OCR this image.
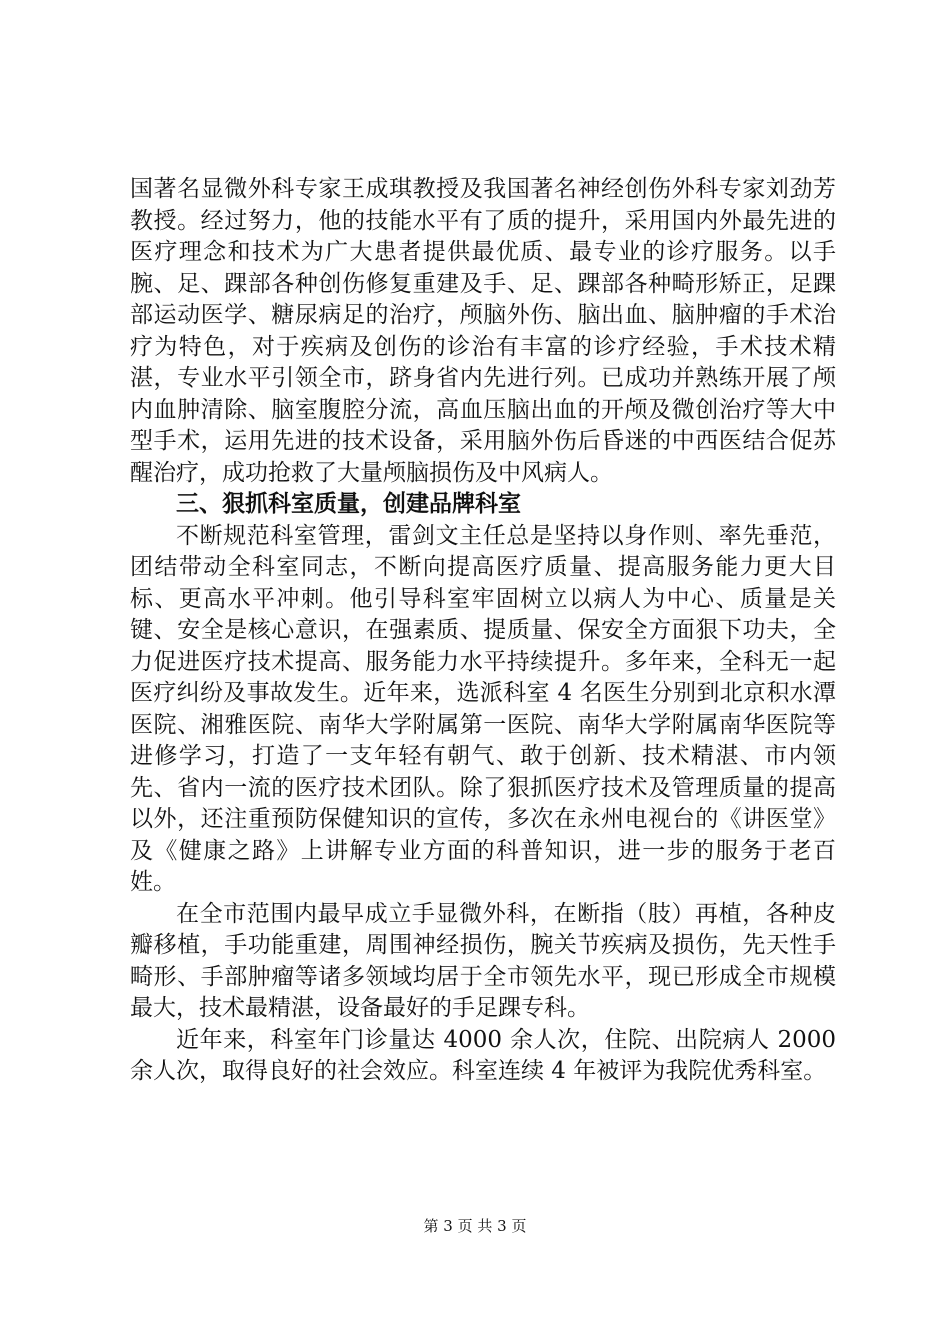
国著名显微外科专家王成琪教授及我国著名神经创伤外科专家刘劲芳教授。经过努力，他的技能水平有了质的提升，采用国内外最先进的医疗理念和技术为广大患者提供最优质、最专业的诊疗服务。以手腕、足、踝部各种创伤修复重建及手、足、踝部各种畸形矫正，足踝部运动医学、糖尿病足的治疗，颅脑外伤、脑出血、脑肿瘤的手术治疗为特色，对于疾病及创伤的诊治有丰富的诊疗经验，手术技术精湛，专业水平引领全市，跻身省内先进行列。已成功并熟练开展了颅内血肿清除、脑室腹腔分流，高血压脑出血的开颅及微创治疗等大中型手术，运用先进的技术设备，采用脑外伤后昏迷的中西医结合促苏醒治疗，成功抢救了大量颅脑损伤及中风病人。

三、狠抓科室质量，创建品牌科室

不断规范科室管理，雷剑文主任总是坚持以身作则、率先垂范，团结带动全科室同志，不断向提高医疗质量、提高服务能力更大目标、更高水平冲刺。他引导科室牢固树立以病人为中心、质量是关键、安全是核心意识，在强素质、提质量、保安全方面狠下功夫，全力促进医疗技术提高、服务能力水平持续提升。多年来，全科无一起医疗纠纷及事故发生。近年来，选派科室 4 名医生分别到北京积水潭医院、湘雅医院、南华大学附属第一医院、南华大学附属南华医院等进修学习，打造了一支年轻有朝气、敢于创新、技术精湛、市内领先、省内一流的医疗技术团队。除了狠抓医疗技术及管理质量的提高以外，还注重预防保健知识的宣传，多次在永州电视台的《讲医堂》及《健康之路》上讲解专业方面的科普知识，进一步的服务于老百姓。

在全市范围内最早成立手显微外科，在断指（肢）再植，各种皮瓣移植，手功能重建，周围神经损伤，腕关节疾病及损伤，先天性手畸形、手部肿瘤等诸多领域均居于全市领先水平，现已形成全市规模最大，技术最精湛，设备最好的手足踝专科。

近年来，科室年门诊量达 4000 余人次，住院、出院病人 2000 余人次，取得良好的社会效应。科室连续 4 年被评为我院优秀科室。

第 3 页 共 3 页
